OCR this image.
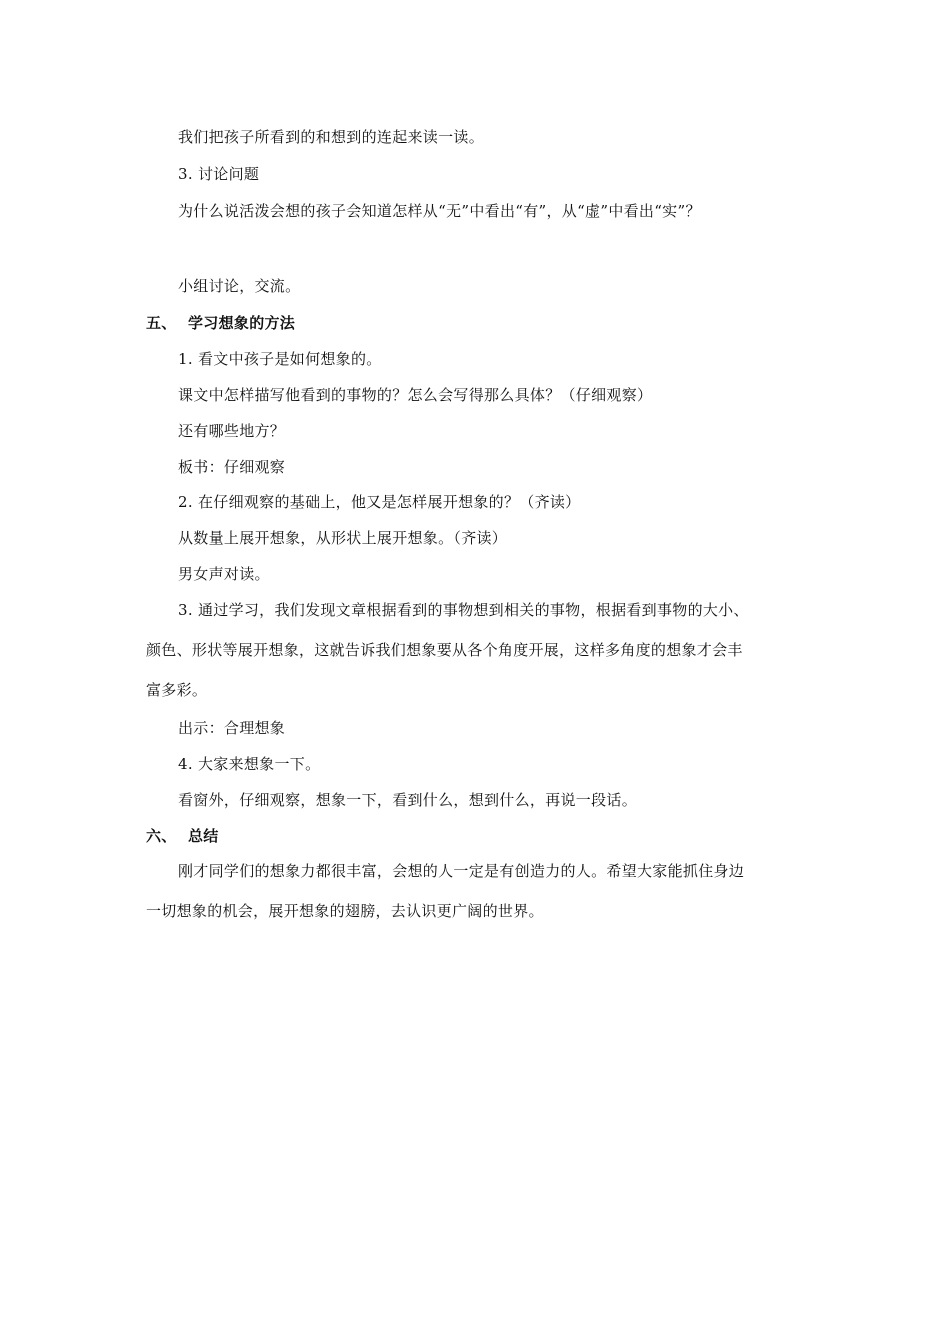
我们把孩子所看到的和想到的连起来读一读。
3. 讨论问题
为什么说活泼会想的孩子会知道怎样从“无”中看出“有”，从“虚”中看出“实”？
小组讨论，交流。
五、 学习想象的方法
1. 看文中孩子是如何想象的。
课文中怎样描写他看到的事物的？怎么会写得那么具体？（仔细观察）
还有哪些地方？
板书：仔细观察
2. 在仔细观察的基础上，他又是怎样展开想象的？（齐读）
从数量上展开想象，从形状上展开想象。（齐读）
男女声对读。
3. 通过学习，我们发现文章根据看到的事物想到相关的事物，根据看到事物的大小、
颜色、形状等展开想象，这就告诉我们想象要从各个角度开展，这样多角度的想象才会丰
富多彩。
出示：合理想象
4. 大家来想象一下。
看窗外，仔细观察，想象一下，看到什么，想到什么，再说一段话。
六、 总结
刚才同学们的想象力都很丰富，会想的人一定是有创造力的人。希望大家能抓住身边
一切想象的机会，展开想象的翅膀，去认识更广阔的世界。
